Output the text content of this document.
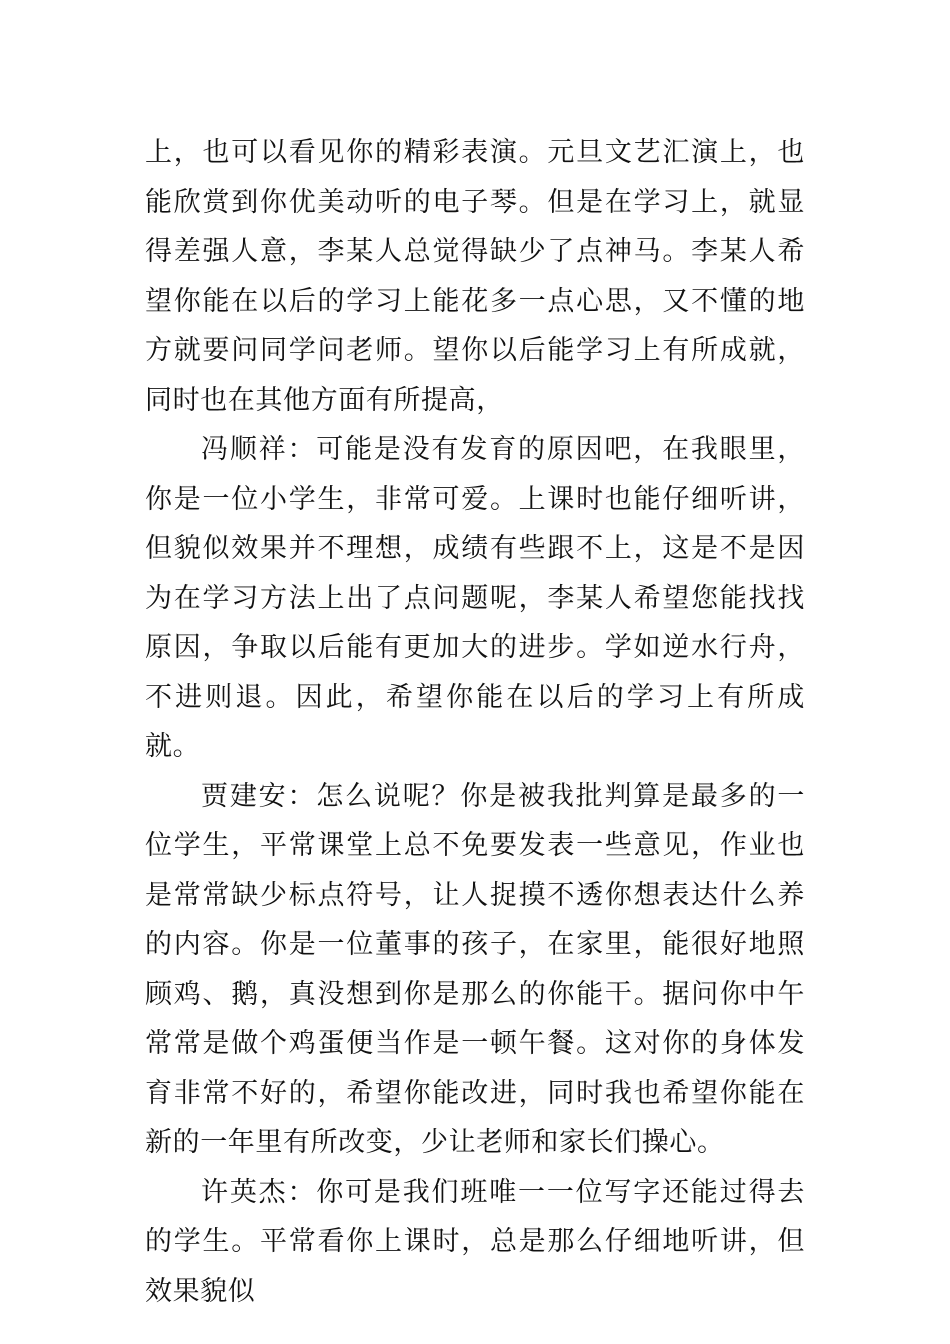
上，也可以看见你的精彩表演。元旦文艺汇演上，也能欣赏到你优美动听的电子琴。但是在学习上，就显得差强人意，李某人总觉得缺少了点神马。李某人希望你能在以后的学习上能花多一点心思，又不懂的地方就要问同学问老师。望你以后能学习上有所成就，同时也在其他方面有所提高，

冯顺祥：可能是没有发育的原因吧，在我眼里，你是一位小学生，非常可爱。上课时也能仔细听讲，但貌似效果并不理想，成绩有些跟不上，这是不是因为在学习方法上出了点问题呢，李某人希望您能找找原因，争取以后能有更加大的进步。学如逆水行舟，不进则退。因此，希望你能在以后的学习上有所成就。

贾建安：怎么说呢？你是被我批判算是最多的一位学生，平常课堂上总不免要发表一些意见，作业也是常常缺少标点符号，让人捉摸不透你想表达什么养的内容。你是一位董事的孩子，在家里，能很好地照顾鸡、鹅，真没想到你是那么的你能干。据问你中午常常是做个鸡蛋便当作是一顿午餐。这对你的身体发育非常不好的，希望你能改进，同时我也希望你能在新的一年里有所改变，少让老师和家长们操心。

许英杰：你可是我们班唯一一位写字还能过得去的学生。平常看你上课时，总是那么仔细地听讲，但效果貌似
